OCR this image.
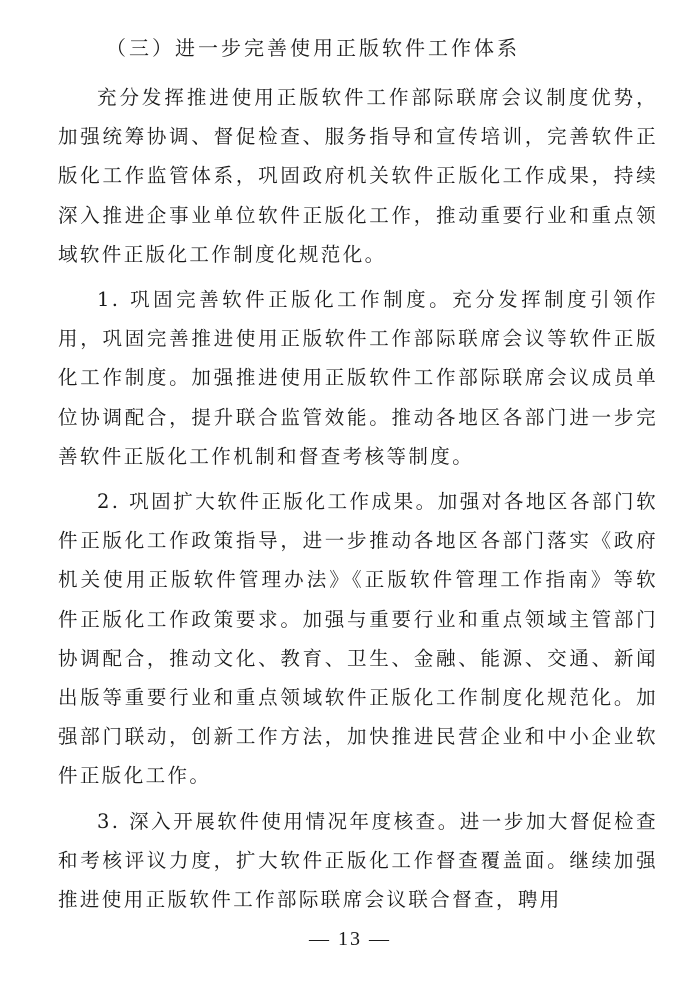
（三）进一步完善使用正版软件工作体系

充分发挥推进使用正版软件工作部际联席会议制度优势，加强统筹协调、督促检查、服务指导和宣传培训，完善软件正版化工作监管体系，巩固政府机关软件正版化工作成果，持续深入推进企事业单位软件正版化工作，推动重要行业和重点领域软件正版化工作制度化规范化。

1. 巩固完善软件正版化工作制度。充分发挥制度引领作用，巩固完善推进使用正版软件工作部际联席会议等软件正版化工作制度。加强推进使用正版软件工作部际联席会议成员单位协调配合，提升联合监管效能。推动各地区各部门进一步完善软件正版化工作机制和督查考核等制度。

2. 巩固扩大软件正版化工作成果。加强对各地区各部门软件正版化工作政策指导，进一步推动各地区各部门落实《政府机关使用正版软件管理办法》《正版软件管理工作指南》等软件正版化工作政策要求。加强与重要行业和重点领域主管部门协调配合，推动文化、教育、卫生、金融、能源、交通、新闻出版等重要行业和重点领域软件正版化工作制度化规范化。加强部门联动，创新工作方法，加快推进民营企业和中小企业软件正版化工作。

3. 深入开展软件使用情况年度核查。进一步加大督促检查和考核评议力度，扩大软件正版化工作督查覆盖面。继续加强推进使用正版软件工作部际联席会议联合督查，聘用

— 13 —
